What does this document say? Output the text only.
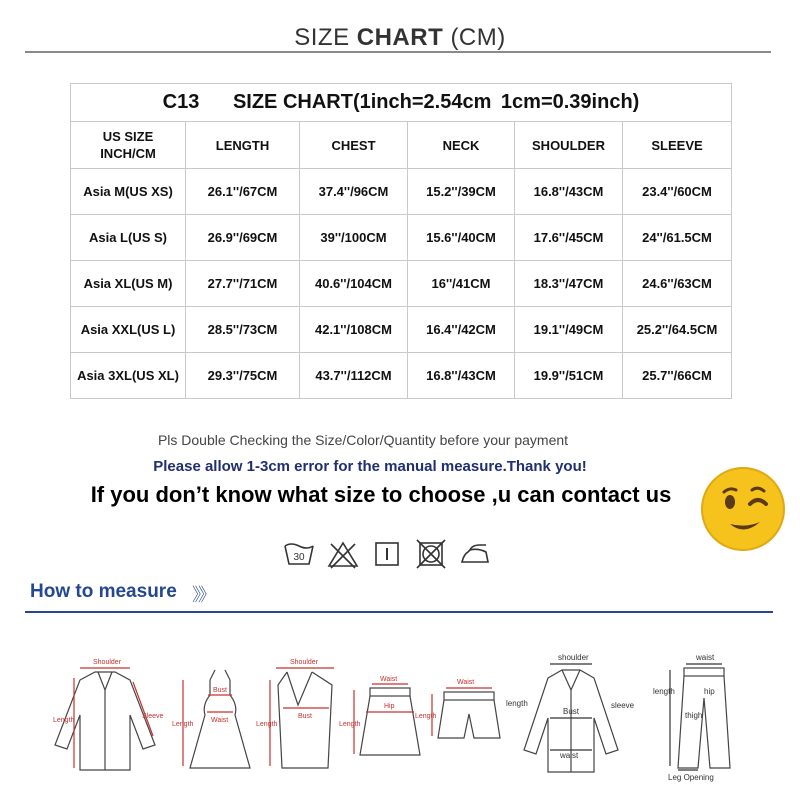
SIZE CHART (CM)
C13 SIZE CHART(1inch=2.54cm 1cm=0.39inch)					
US SIZE
INCH/CM	LENGTH	CHEST	NECK	SHOULDER	SLEEVE
Asia M(US XS)	26.1''/67CM	37.4''/96CM	15.2''/39CM	16.8''/43CM	23.4''/60CM
Asia L(US S)	26.9''/69CM	39''/100CM	15.6''/40CM	17.6''/45CM	24''/61.5CM
Asia XL(US M)	27.7''/71CM	40.6''/104CM	16''/41CM	18.3''/47CM	24.6''/63CM
Asia XXL(US L)	28.5''/73CM	42.1''/108CM	16.4''/42CM	19.1''/49CM	25.2''/64.5CM
Asia 3XL(US XL)	29.3''/75CM	43.7''/112CM	16.8''/43CM	19.9''/51CM	25.7''/66CM
Pls Double Checking the Size/Color/Quantity before your payment
Please allow 1-3cm error for the manual measure.Thank you!
If you don’t know what size to choose ,u can contact us
30
How to measure 》》
Shoulder
Length
Sleeve
Bust
Waist
Length
Shoulder
Bust
Length
Waist
Hip
Length
Waist
Length
shoulder
length	sleeve
Bust
waist
waist
hip
thigh
length
Leg Opening
